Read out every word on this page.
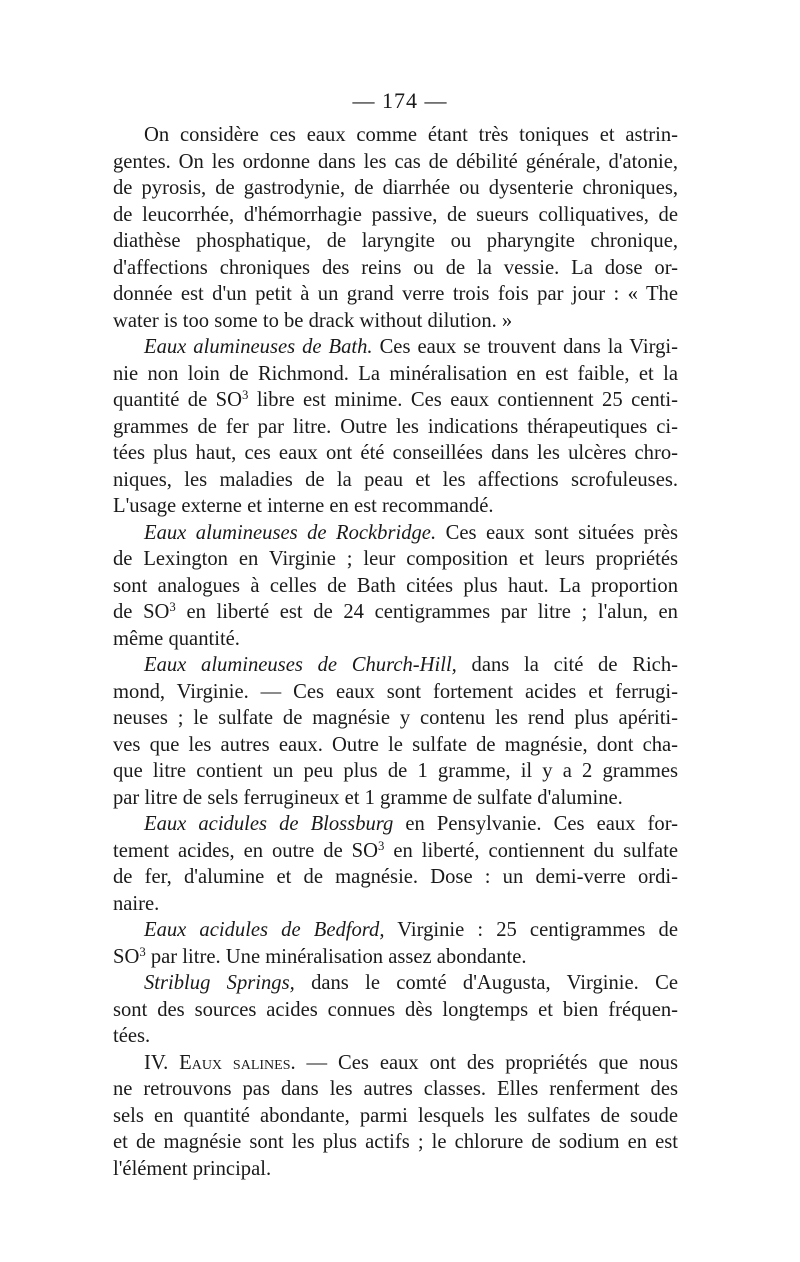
— 174 —
On considère ces eaux comme étant très toniques et astrin-
gentes. On les ordonne dans les cas de débilité générale, d'atonie,
de pyrosis, de gastrodynie, de diarrhée ou dysenterie chroniques,
de leucorrhée, d'hémorrhagie passive, de sueurs colliquatives, de
diathèse phosphatique, de laryngite ou pharyngite chronique,
d'affections chroniques des reins ou de la vessie. La dose or-
donnée est d'un petit à un grand verre trois fois par jour : « The
water is too some to be drack without dilution. »
Eaux alumineuses de Bath. Ces eaux se trouvent dans la Virgi-
nie non loin de Richmond. La minéralisation en est faible, et la
quantité de $SO^3$ libre est minime. Ces eaux contiennent 25 centi-
grammes de fer par litre. Outre les indications thérapeutiques ci-
tées plus haut, ces eaux ont été conseillées dans les ulcères chro-
niques, les maladies de la peau et les affections scrofuleuses.
L'usage externe et interne en est recommandé.
Eaux alumineuses de Rockbridge. Ces eaux sont situées près
de Lexington en Virginie ; leur composition et leurs propriétés
sont analogues à celles de Bath citées plus haut. La proportion
de $SO^3$ en liberté est de 24 centigrammes par litre ; l'alun, en
même quantité.
Eaux alumineuses de Church-Hill, dans la cité de Rich-
mond, Virginie. — Ces eaux sont fortement acides et ferrugi-
neuses ; le sulfate de magnésie y contenu les rend plus apériti-
ves que les autres eaux. Outre le sulfate de magnésie, dont cha-
que litre contient un peu plus de 1 gramme, il y a 2 grammes
par litre de sels ferrugineux et 1 gramme de sulfate d'alumine.
Eaux acidules de Blossburg en Pensylvanie. Ces eaux for-
tement acides, en outre de $SO^3$ en liberté, contiennent du sulfate
de fer, d'alumine et de magnésie. Dose : un demi-verre ordi-
naire.
Eaux acidules de Bedford, Virginie : 25 centigrammes de
$SO^3$ par litre. Une minéralisation assez abondante.
Striblug Springs, dans le comté d'Augusta, Virginie. Ce
sont des sources acides connues dès longtemps et bien fréquen-
tées.
IV. Eaux salines. — Ces eaux ont des propriétés que nous
ne retrouvons pas dans les autres classes. Elles renferment des
sels en quantité abondante, parmi lesquels les sulfates de soude
et de magnésie sont les plus actifs ; le chlorure de sodium en est
l'élément principal.
